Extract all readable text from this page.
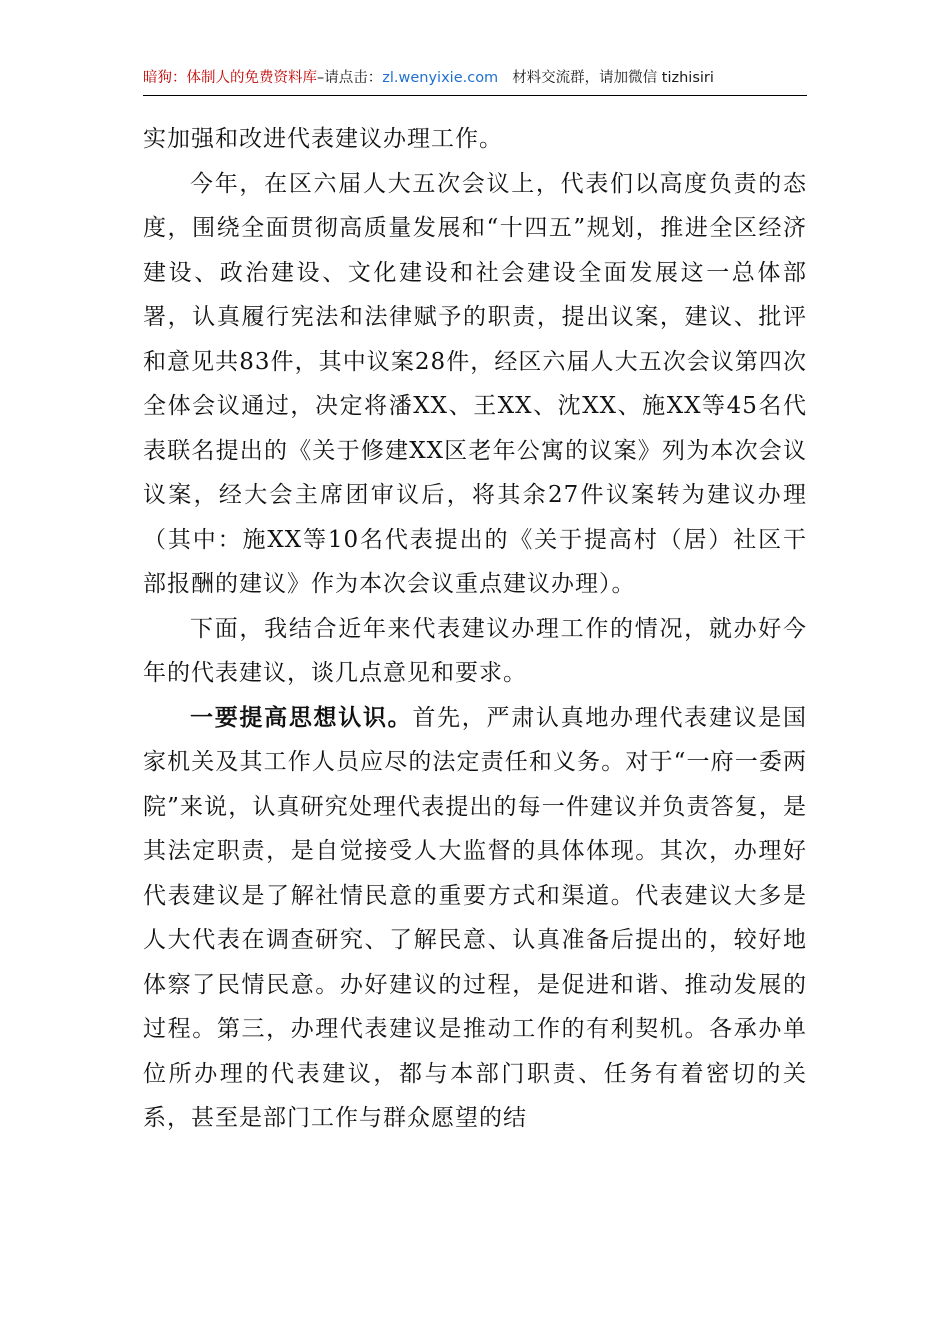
暗狗：体制人的免费资料库–请点击：zl.wenyixie.com 材料交流群，请加微信 tizhisiri

实加强和改进代表建议办理工作。

今年，在区六届人大五次会议上，代表们以高度负责的态度，围绕全面贯彻高质量发展和“十四五”规划，推进全区经济建设、政治建设、文化建设和社会建设全面发展这一总体部署，认真履行宪法和法律赋予的职责，提出议案，建议、批评和意见共83件，其中议案28件，经区六届人大五次会议第四次全体会议通过，决定将潘XX、王XX、沈XX、施XX等45名代表联名提出的《关于修建XX区老年公寓的议案》列为本次会议议案，经大会主席团审议后，将其余27件议案转为建议办理（其中：施XX等10名代表提出的《关于提高村（居）社区干部报酬的建议》作为本次会议重点建议办理）。

下面，我结合近年来代表建议办理工作的情况，就办好今年的代表建议，谈几点意见和要求。

一要提高思想认识。首先，严肃认真地办理代表建议是国家机关及其工作人员应尽的法定责任和义务。对于“一府一委两院”来说，认真研究处理代表提出的每一件建议并负责答复，是其法定职责，是自觉接受人大监督的具体体现。其次，办理好代表建议是了解社情民意的重要方式和渠道。代表建议大多是人大代表在调查研究、了解民意、认真准备后提出的，较好地体察了民情民意。办好建议的过程，是促进和谐、推动发展的过程。第三，办理代表建议是推动工作的有利契机。各承办单位所办理的代表建议，都与本部门职责、任务有着密切的关系，甚至是部门工作与群众愿望的结
